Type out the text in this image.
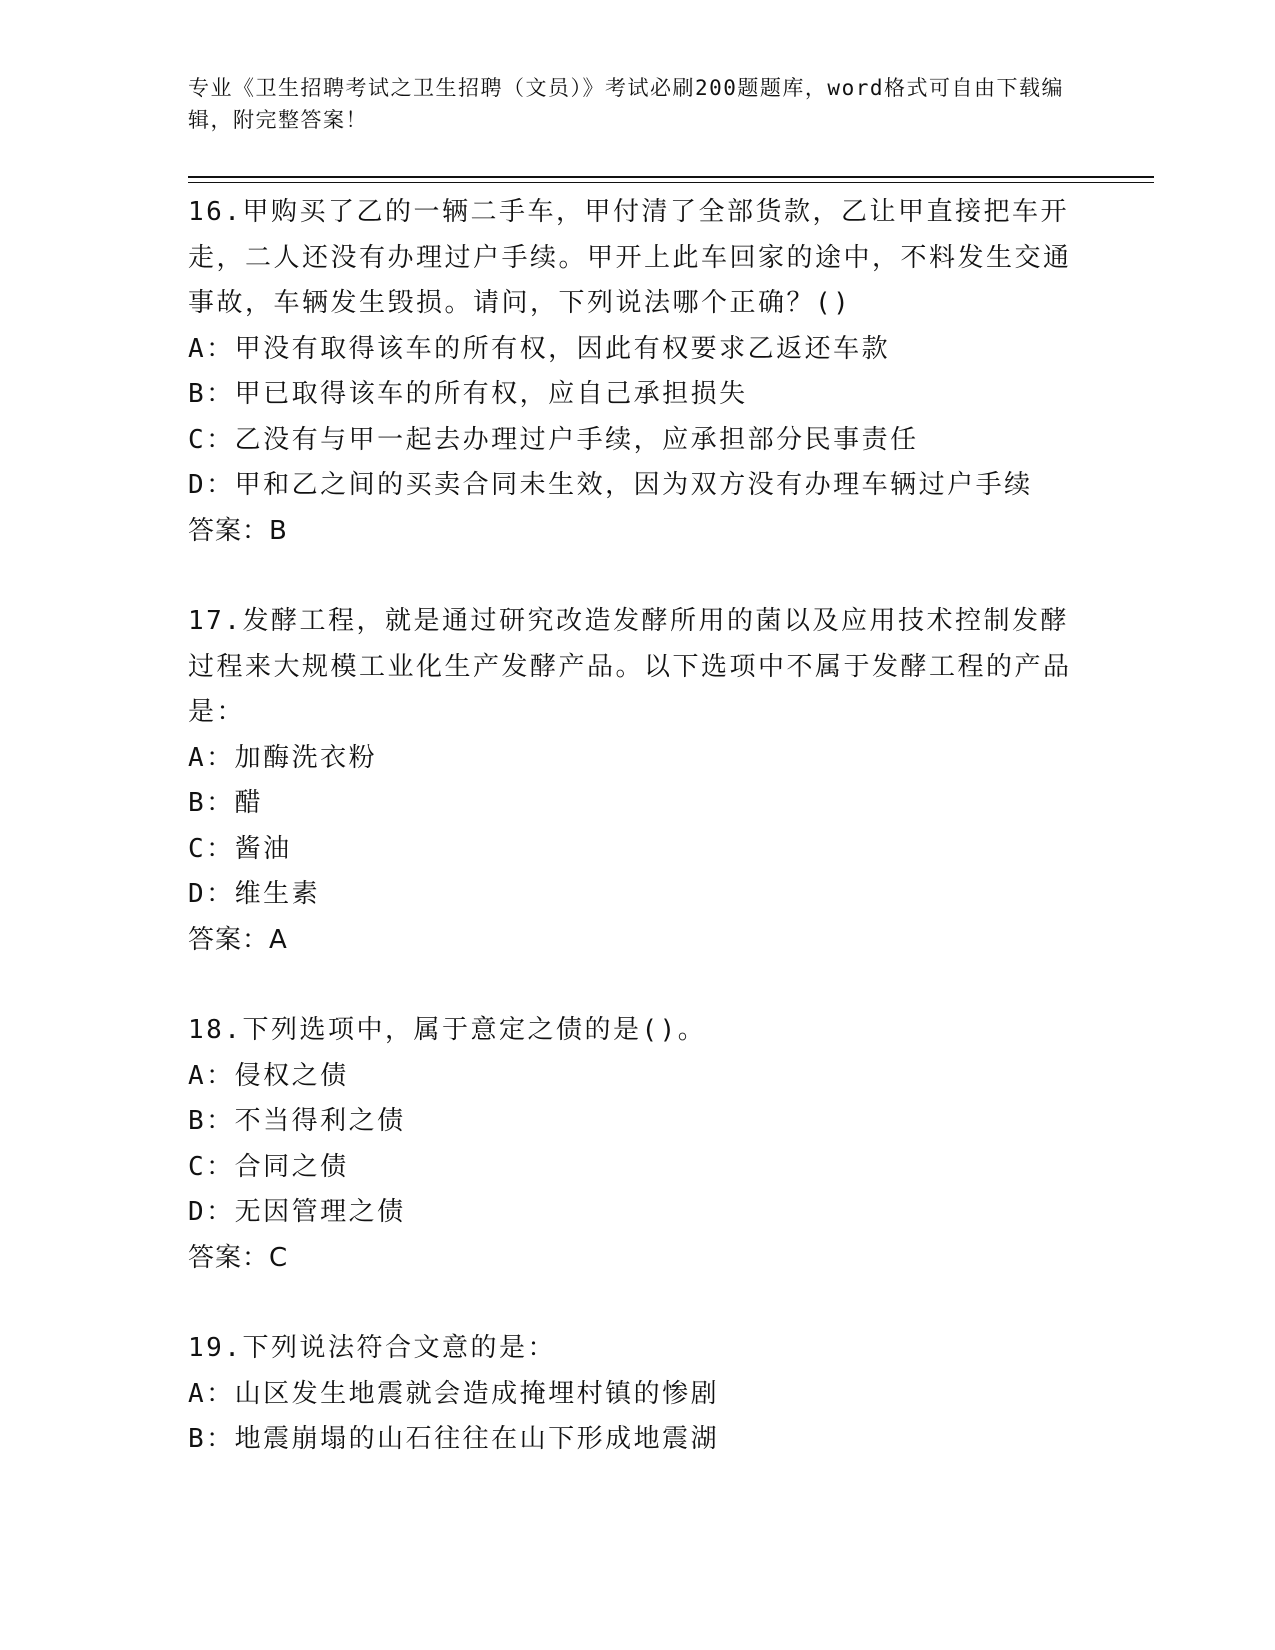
专业《卫生招聘考试之卫生招聘（文员）》考试必刷200题题库，word格式可自由下载编辑，附完整答案！

16.甲购买了乙的一辆二手车，甲付清了全部货款，乙让甲直接把车开走，二人还没有办理过户手续。甲开上此车回家的途中，不料发生交通事故，车辆发生毁损。请问，下列说法哪个正确？()

A：甲没有取得该车的所有权，因此有权要求乙返还车款

B：甲已取得该车的所有权，应自己承担损失

C：乙没有与甲一起去办理过户手续，应承担部分民事责任

D：甲和乙之间的买卖合同未生效，因为双方没有办理车辆过户手续

答案：B

17.发酵工程，就是通过研究改造发酵所用的菌以及应用技术控制发酵过程来大规模工业化生产发酵产品。以下选项中不属于发酵工程的产品是：

A：加酶洗衣粉

B：醋

C：酱油

D：维生素

答案：A

18.下列选项中，属于意定之债的是()。

A：侵权之债

B：不当得利之债

C：合同之债

D：无因管理之债

答案：C

19.下列说法符合文意的是：

A：山区发生地震就会造成掩埋村镇的惨剧

B：地震崩塌的山石往往在山下形成地震湖
